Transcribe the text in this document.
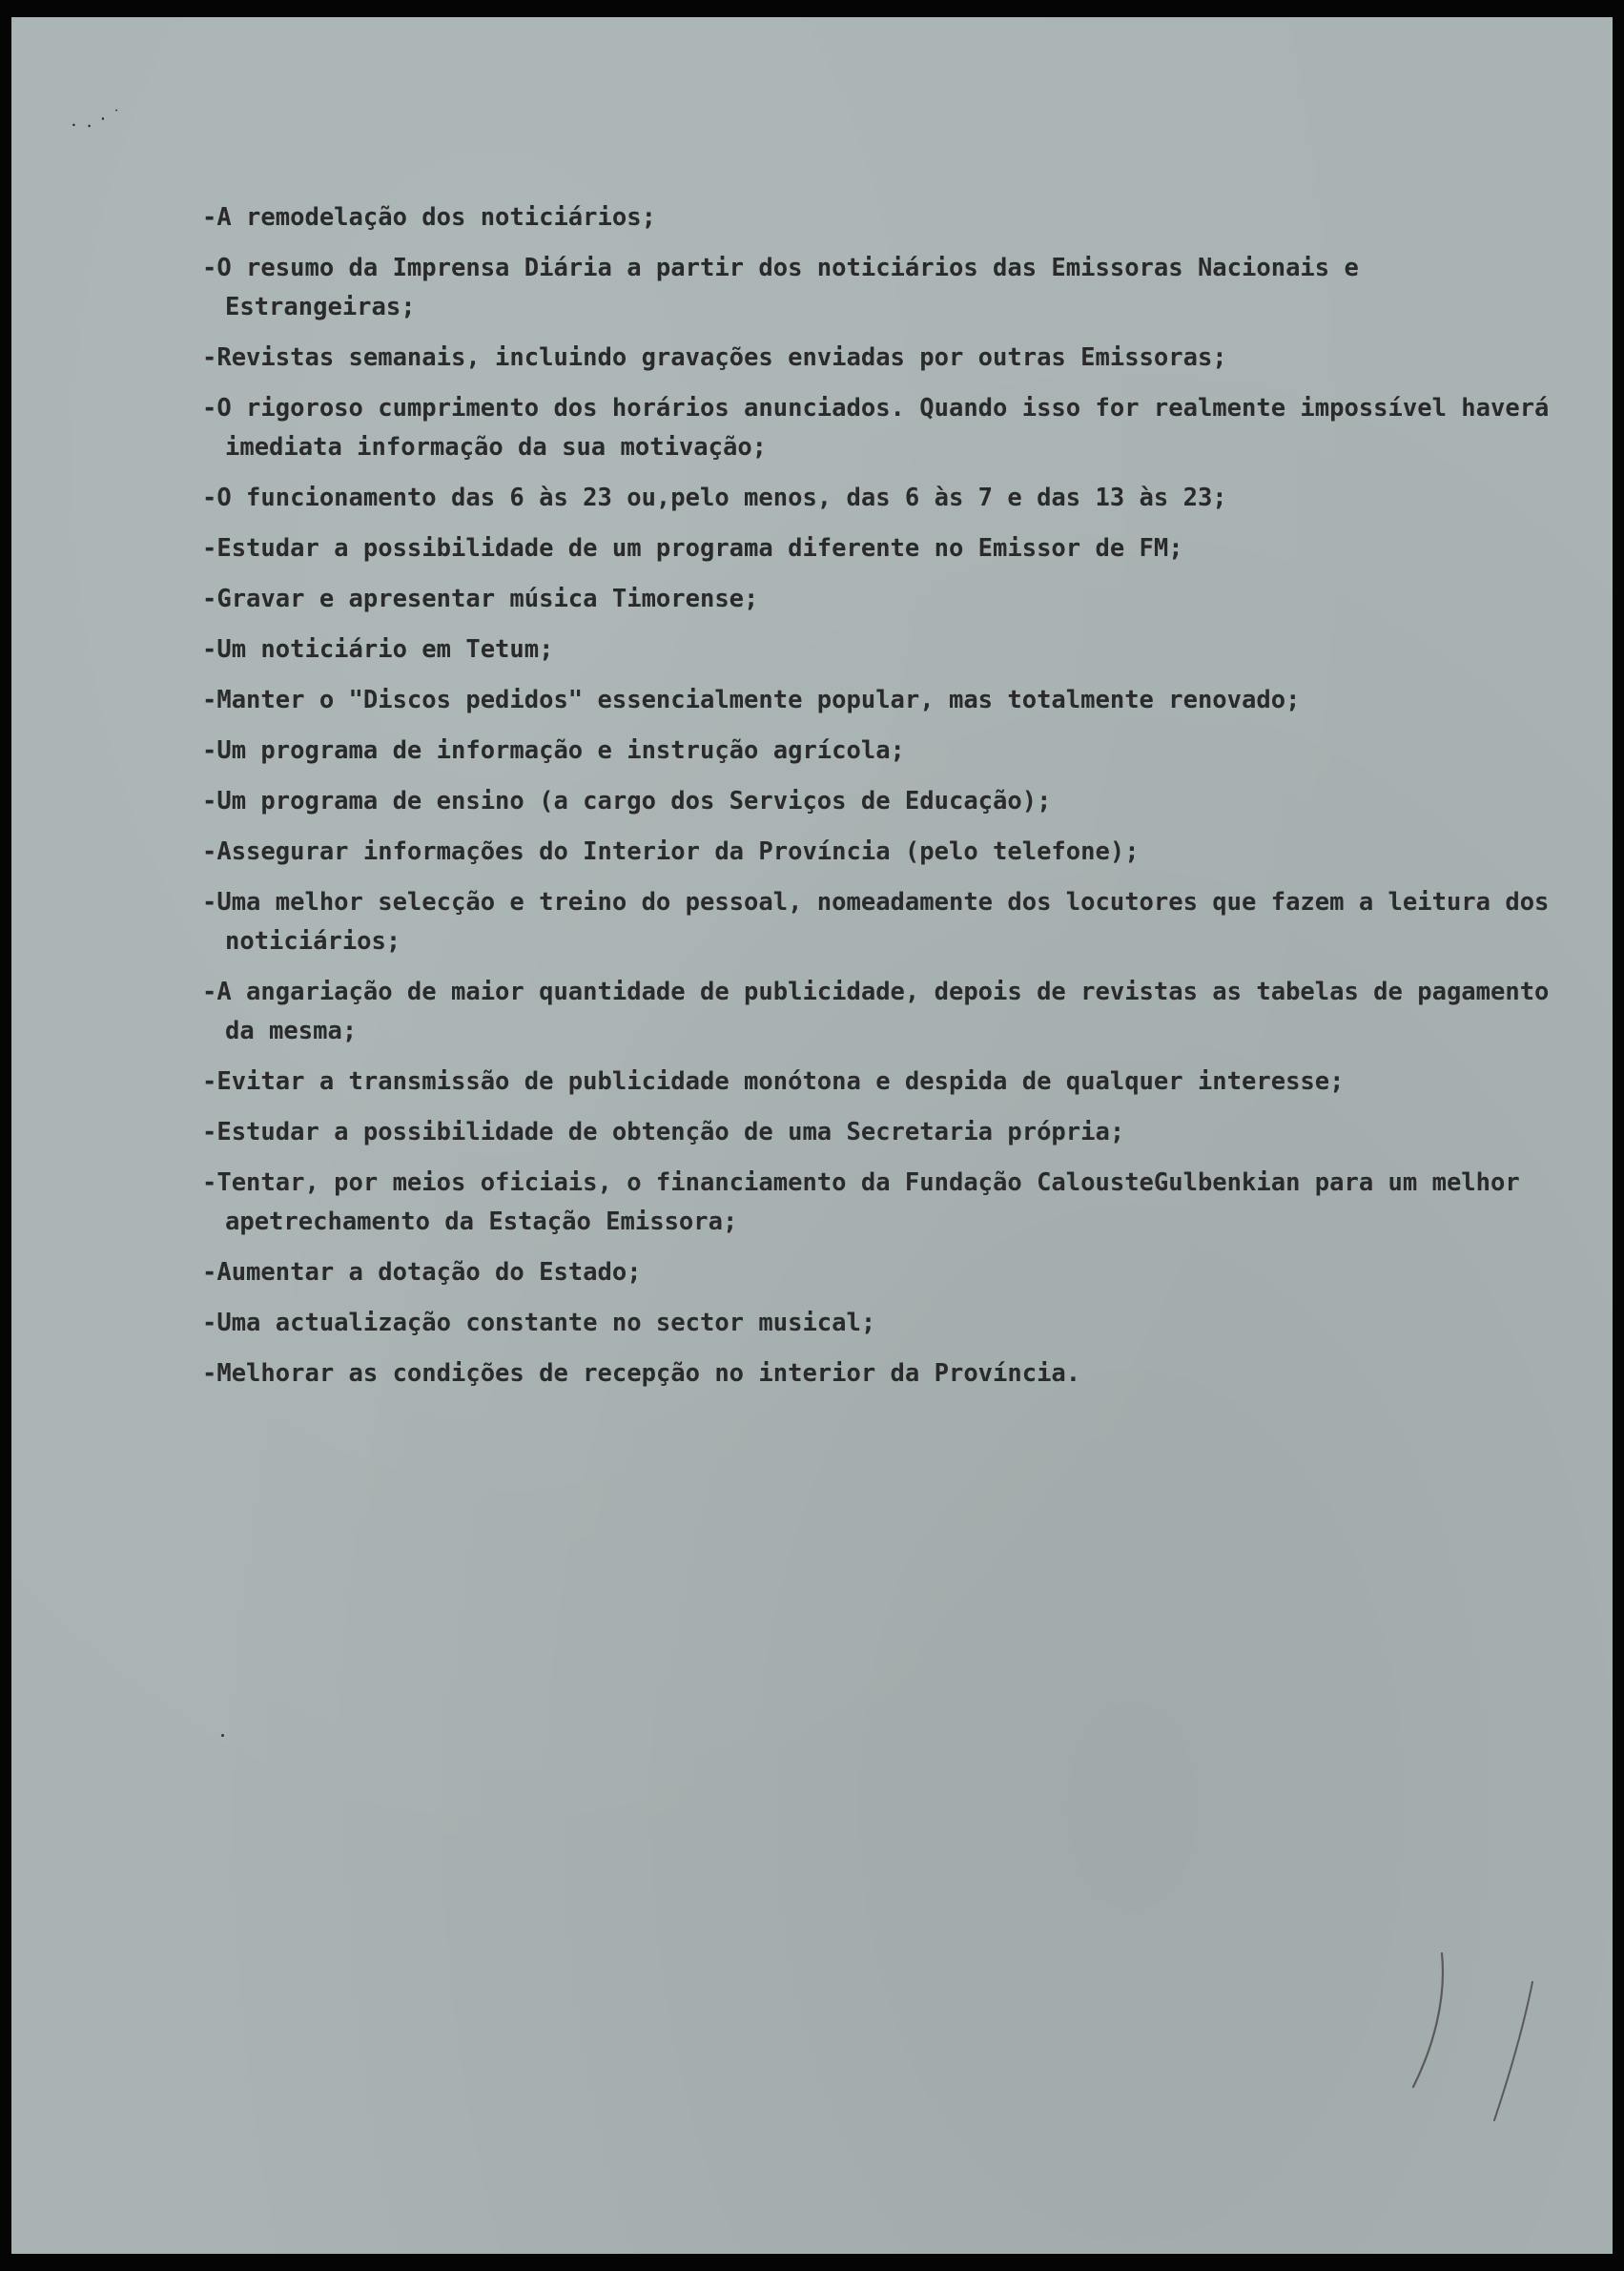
·.·˙

-A remodelação dos noticiários;
-O resumo da Imprensa Diária a partir dos noticiários das Emissoras Nacionais e Estrangeiras;
-Revistas semanais, incluindo gravações enviadas por outras Emissoras;
-O rigoroso cumprimento dos horários anunciados. Quando isso for realmente impossível haverá imediata informação da sua motivação;
-O funcionamento das 6 às 23 ou,pelo menos, das 6 às 7 e das 13 às 23;
-Estudar a possibilidade de um programa diferente no Emissor de FM;
-Gravar e apresentar música Timorense;
-Um noticiário em Tetum;
-Manter o "Discos pedidos" essencialmente popular, mas totalmente renovado;
-Um programa de informação e instrução agrícola;
-Um programa de ensino (a cargo dos Serviços de Educação);
-Assegurar informações do Interior da Província (pelo telefone);
-Uma melhor selecção e treino do pessoal, nomeadamente dos locutores que fazem a leitura dos noticiários;
-A angariação de maior quantidade de publicidade, depois de revistas as tabelas de pagamento da mesma;
-Evitar a transmissão de publicidade monótona e despida de qualquer interesse;
-Estudar a possibilidade de obtenção de uma Secretaria própria;
-Tentar, por meios oficiais, o financiamento da Fundação CalousteGulbenkian para um melhor apetrechamento da Estação Emissora;
-Aumentar a dotação do Estado;
-Uma actualização constante no sector musical;
-Melhorar as condições de recepção no interior da Província.
